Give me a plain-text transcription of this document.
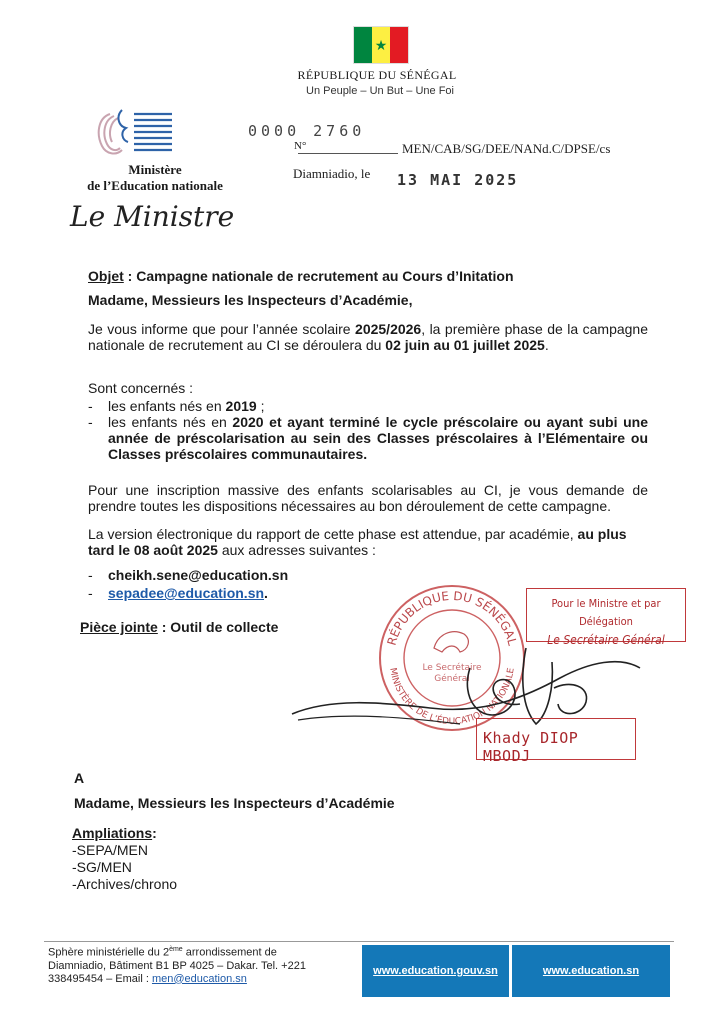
★
RÉPUBLIQUE DU SÉNÉGAL
Un Peuple – Un But – Une Foi
Ministère
de l’Education nationale
Le Ministre
0000 2760
N°	MEN/CAB/SG/DEE/NANd.C/DPSE/cs
Diamniadio, le 13 MAI 2025
Objet : Campagne nationale de recrutement au Cours d’Initation
Madame, Messieurs les Inspecteurs d’Académie,
Je vous informe que pour l’année scolaire 2025/2026, la première phase de la campagne nationale de recrutement au CI se déroulera du 02 juin au 01 juillet 2025.
Sont concernés :
- les enfants nés en 2019 ;
- les enfants nés en 2020 et ayant terminé le cycle préscolaire ou ayant subi une année de préscolarisation au sein des Classes préscolaires à l’Elémentaire ou Classes préscolaires communautaires.
Pour une inscription massive des enfants scolarisables au CI, je vous demande de prendre toutes les dispositions nécessaires au bon déroulement de cette campagne.
La version électronique du rapport de cette phase est attendue, par académie, au plus tard le 08 août 2025 aux adresses suivantes :
- cheikh.sene@education.sn
- sepadee@education.sn.
Pièce jointe : Outil de collecte
RÉPUBLIQUE DU SÉNÉGAL
MINISTÈRE DE L’ÉDUCATION NATIONALE
Le Secrétaire
Général
Pour le Ministre et par Délégation
Le Secrétaire Général
Khady DIOP MBODJ
A
Madame, Messieurs les Inspecteurs d’Académie
Ampliations:
-SEPA/MEN
-SG/MEN
-Archives/chrono
Sphère ministérielle du 2ème arrondissement de
Diamniadio, Bâtiment B1 BP 4025 – Dakar. Tel. +221
338495454 – Email : men@education.sn
www.education.gouv.sn	www.education.sn
